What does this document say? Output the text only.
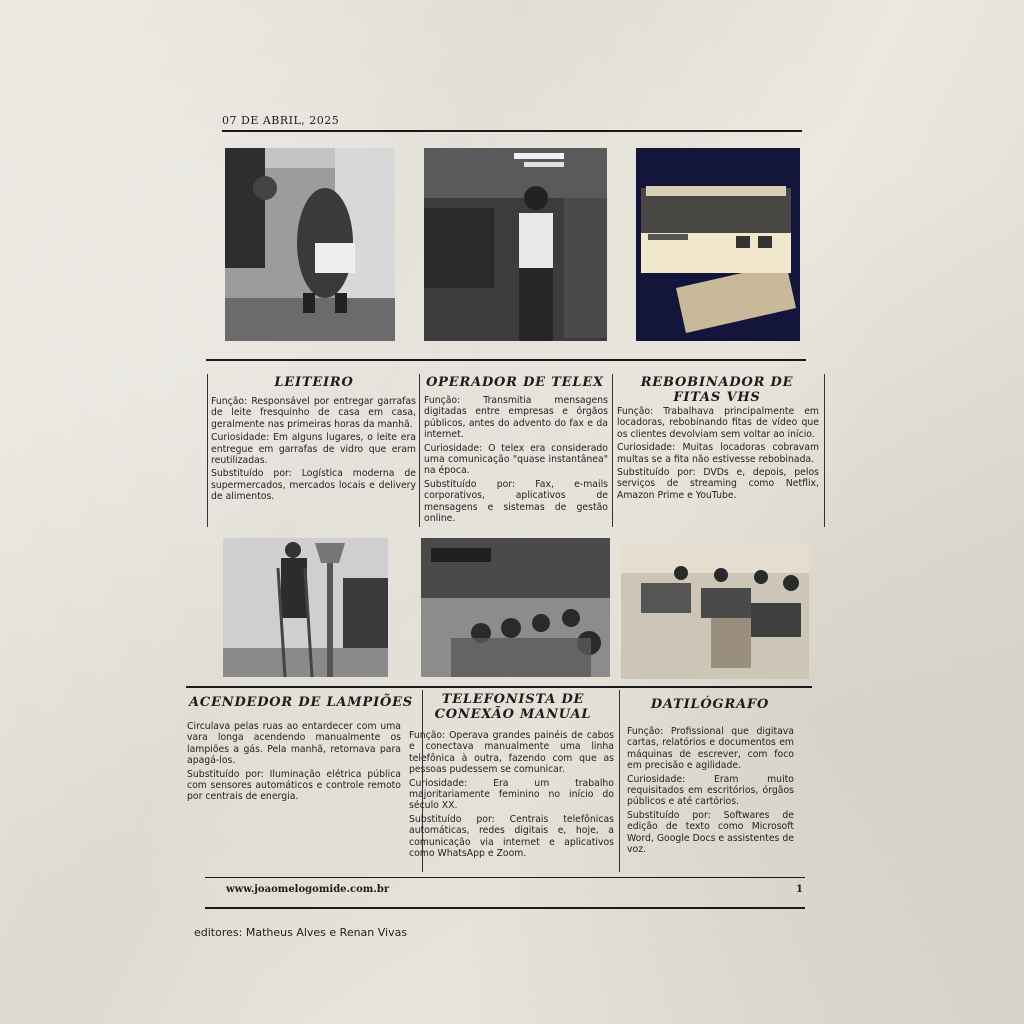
07 DE ABRIL, 2025
LEITEIRO

Função: Responsável por entregar garrafas de leite fresquinho de casa em casa, geralmente nas primeiras horas da manhã.

Curiosidade: Em alguns lugares, o leite era entregue em garrafas de vidro que eram reutilizadas.

Substituído por: Logística moderna de supermercados, mercados locais e delivery de alimentos.

OPERADOR DE TELEX

Função: Transmitia mensagens digitadas entre empresas e órgãos públicos, antes do advento do fax e da internet.

Curiosidade: O telex era considerado uma comunicação "quase instantânea" na época.

Substituído por: Fax, e-mails corporativos, aplicativos de mensagens e sistemas de gestão online.

REBOBINADOR DE FITAS VHS

Função: Trabalhava principalmente em locadoras, rebobinando fitas de vídeo que os clientes devolviam sem voltar ao início.

Curiosidade: Muitas locadoras cobravam multas se a fita não estivesse rebobinada.

Substituído por: DVDs e, depois, pelos serviços de streaming como Netflix, Amazon Prime e YouTube.

ACENDEDOR DE LAMPIÕES

Circulava pelas ruas ao entardecer com uma vara longa acendendo manualmente os lampiões a gás. Pela manhã, retornava para apagá-los.

Substituído por: Iluminação elétrica pública com sensores automáticos e controle remoto por centrais de energia.

TELEFONISTA DE CONEXÃO MANUAL

Função: Operava grandes painéis de cabos e conectava manualmente uma linha telefônica à outra, fazendo com que as pessoas pudessem se comunicar.

Curiosidade: Era um trabalho majoritariamente feminino no início do século XX.

Substituído por: Centrais telefônicas automáticas, redes digitais e, hoje, a comunicação via internet e aplicativos como WhatsApp e Zoom.

DATILÓGRAFO

Função: Profissional que digitava cartas, relatórios e documentos em máquinas de escrever, com foco em precisão e agilidade.

Curiosidade: Eram muito requisitados em escritórios, órgãos públicos e até cartórios.

Substituído por: Softwares de edição de texto como Microsoft Word, Google Docs e assistentes de voz.

www.joaomelogomide.com.br	1
editores: Matheus Alves e Renan Vivas
